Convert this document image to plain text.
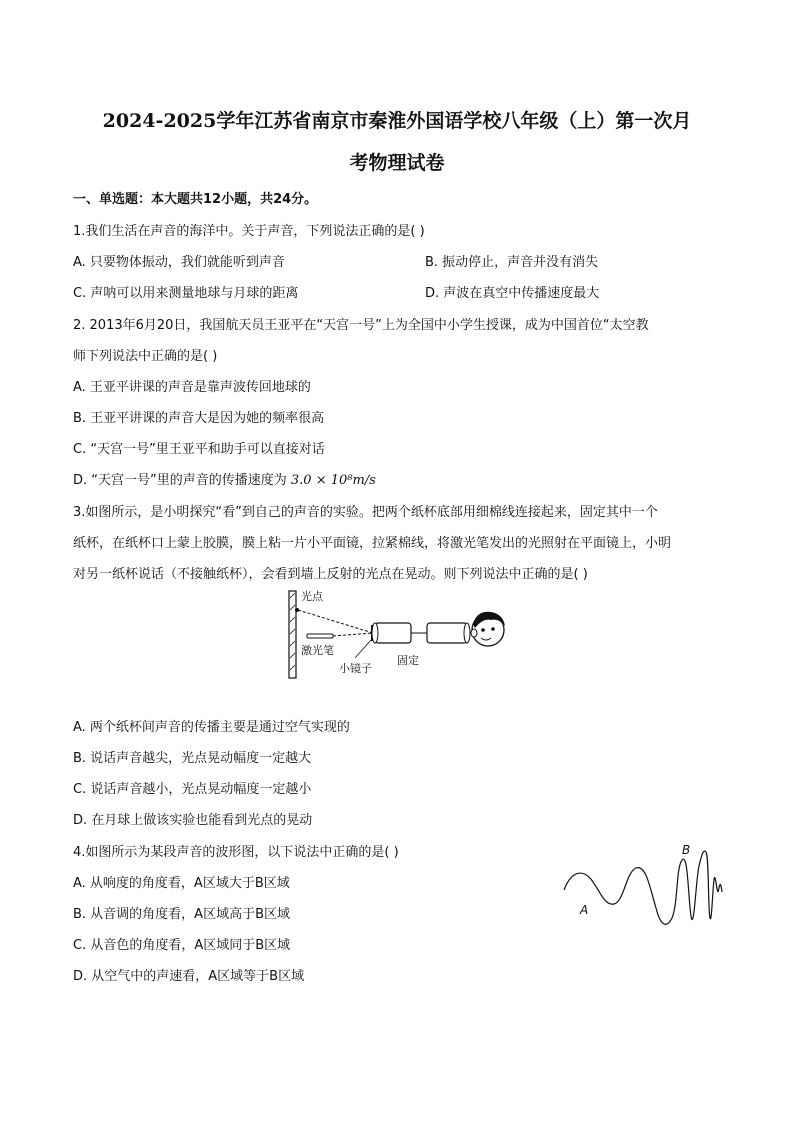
2024-2025学年江苏省南京市秦淮外国语学校八年级（上）第一次月
考物理试卷
一、单选题：本大题共12小题，共24分。
1.我们生活在声音的海洋中。关于声音，下列说法正确的是( )
A. 只要物体振动，我们就能听到声音	B. 振动停止，声音并没有消失
C. 声呐可以用来测量地球与月球的距离	D. 声波在真空中传播速度最大
2. 2013年6月20日，我国航天员王亚平在“天宫一号”上为全国中小学生授课，成为中国首位“太空教
师下列说法中正确的是( )
A. 王亚平讲课的声音是靠声波传回地球的
B. 王亚平讲课的声音大是因为她的频率很高
C. “天宫一号”里王亚平和助手可以直接对话
D. “天宫一号”里的声音的传播速度为 3.0 × 10⁸m/s
3.如图所示，是小明探究“看”到自己的声音的实验。把两个纸杯底部用细棉线连接起来，固定其中一个
纸杯，在纸杯口上蒙上胶膜，膜上粘一片小平面镜，拉紧棉线，将激光笔发出的光照射在平面镜上，小明
对另一纸杯说话（不接触纸杯），会看到墙上反射的光点在晃动。则下列说法中正确的是( )
光点
激光笔
小镜子
固定
A. 两个纸杯间声音的传播主要是通过空气实现的
B. 说话声音越尖，光点晃动幅度一定越大
C. 说话声音越小，光点晃动幅度一定越小
D. 在月球上做该实验也能看到光点的晃动
4.如图所示为某段声音的波形图，以下说法中正确的是( )
A. 从响度的角度看，A区域大于B区域
B. 从音调的角度看，A区域高于B区域
C. 从音色的角度看，A区域同于B区域
D. 从空气中的声速看，A区域等于B区域
A
B
